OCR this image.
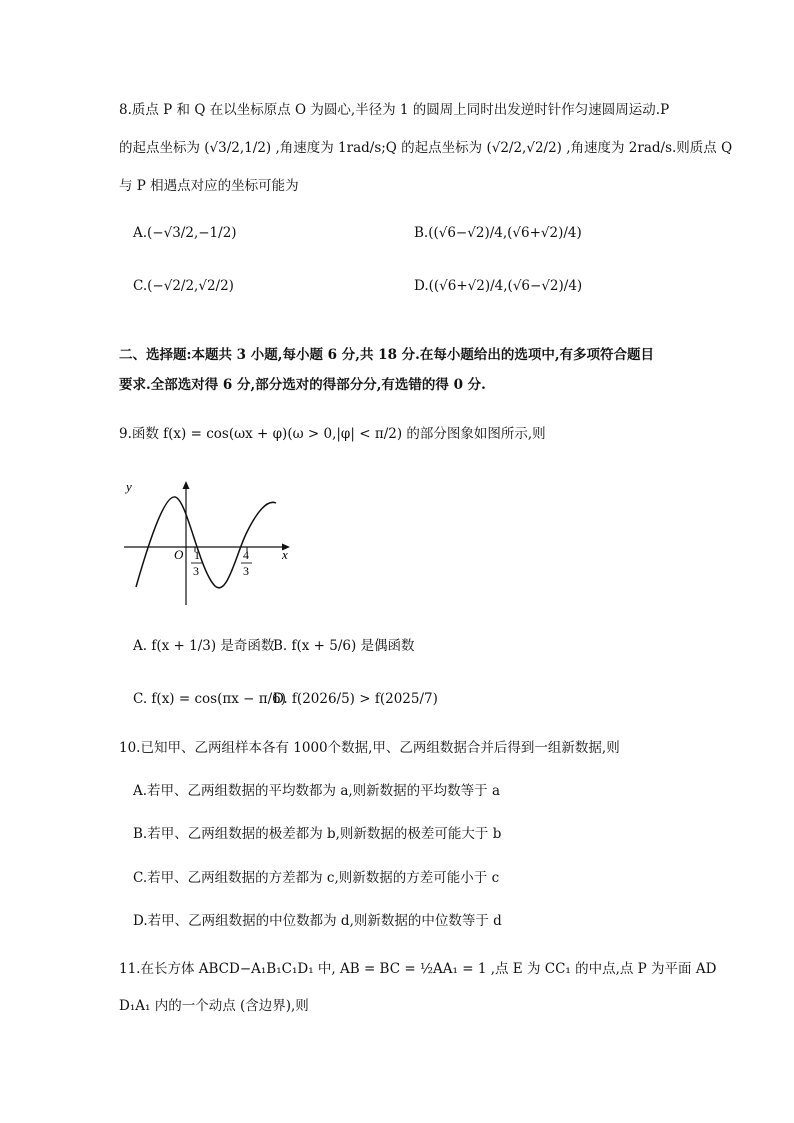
8.质点 P 和 Q 在以坐标原点 O 为圆心,半径为 1 的圆周上同时出发逆时针作匀速圆周运动.P
的起点坐标为 (√3/2,1/2) ,角速度为 1rad/s;Q 的起点坐标为 (√2/2,√2/2) ,角速度为 2rad/s.则质点 Q
与 P 相遇点对应的坐标可能为
A.(−√3/2,−1/2)	B.((√6−√2)/4,(√6+√2)/4)
C.(−√2/2,√2/2)	D.((√6+√2)/4,(√6−√2)/4)
二、选择题:本题共 3 小题,每小题 6 分,共 18 分.在每小题给出的选项中,有多项符合题目
要求.全部选对得 6 分,部分选对的得部分分,有选错的得 0 分.
9.函数 f(x) = cos(ωx + φ)(ω > 0,|φ| < π/2) 的部分图象如图所示,则
y
x
O 1
3
4
3
A. f(x + 1/3) 是奇函数
B. f(x + 5/6) 是偶函数
C. f(x) = cos(πx − π/6)
D. f(2026/5) > f(2025/7)
10.已知甲、乙两组样本各有 1000个数据,甲、乙两组数据合并后得到一组新数据,则
A.若甲、乙两组数据的平均数都为 a,则新数据的平均数等于 a
B.若甲、乙两组数据的极差都为 b,则新数据的极差可能大于 b
C.若甲、乙两组数据的方差都为 c,则新数据的方差可能小于 c
D.若甲、乙两组数据的中位数都为 d,则新数据的中位数等于 d
11.在长方体 ABCD−A₁B₁C₁D₁ 中, AB = BC = ½AA₁ = 1 ,点 E 为 CC₁ 的中点,点 P 为平面 AD
D₁A₁ 内的一个动点 (含边界),则
